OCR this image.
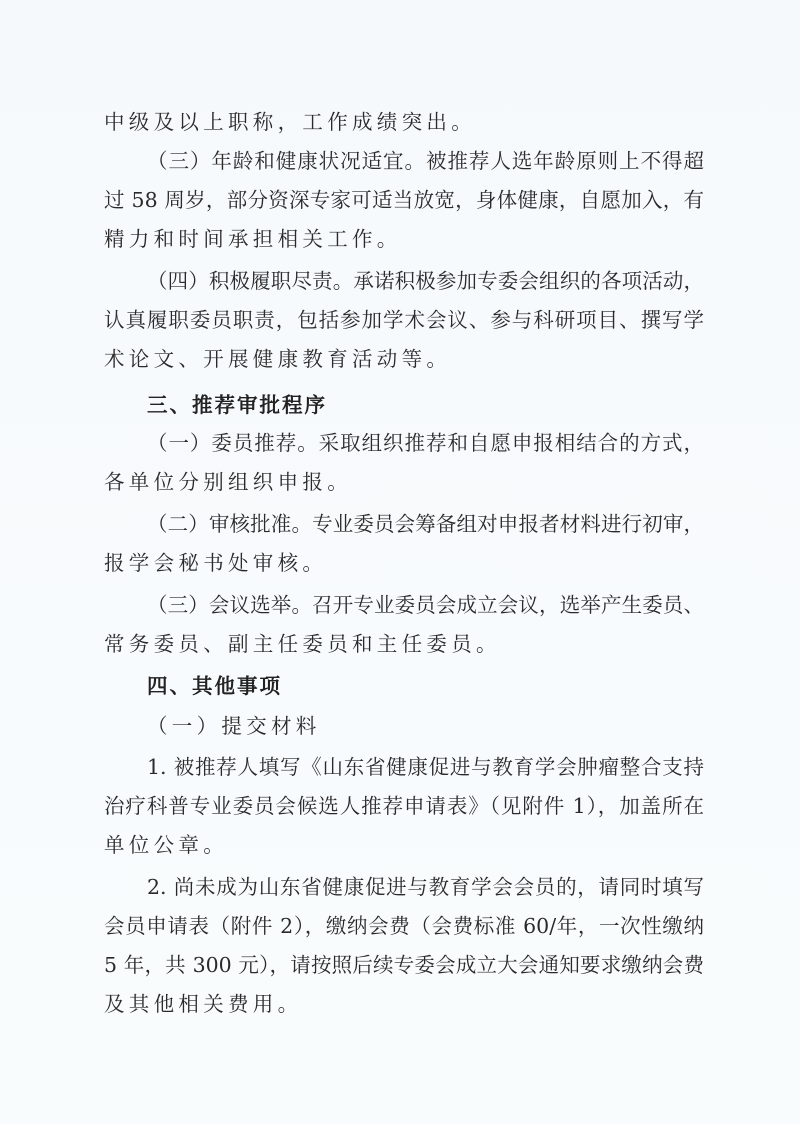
中级及以上职称，工作成绩突出。
（三）年龄和健康状况适宜。被推荐人选年龄原则上不得超
过 58 周岁，部分资深专家可适当放宽，身体健康，自愿加入，有
精力和时间承担相关工作。
（四）积极履职尽责。承诺积极参加专委会组织的各项活动，
认真履职委员职责，包括参加学术会议、参与科研项目、撰写学
术论文、开展健康教育活动等。
三、推荐审批程序
（一）委员推荐。采取组织推荐和自愿申报相结合的方式，
各单位分别组织申报。
（二）审核批准。专业委员会筹备组对申报者材料进行初审，
报学会秘书处审核。
（三）会议选举。召开专业委员会成立会议，选举产生委员、
常务委员、副主任委员和主任委员。
四、其他事项
（一）提交材料
1. 被推荐人填写《山东省健康促进与教育学会肿瘤整合支持
治疗科普专业委员会候选人推荐申请表》（见附件 1），加盖所在
单位公章。
2. 尚未成为山东省健康促进与教育学会会员的，请同时填写
会员申请表（附件 2），缴纳会费（会费标准 60/年，一次性缴纳
5 年，共 300 元），请按照后续专委会成立大会通知要求缴纳会费
及其他相关费用。
